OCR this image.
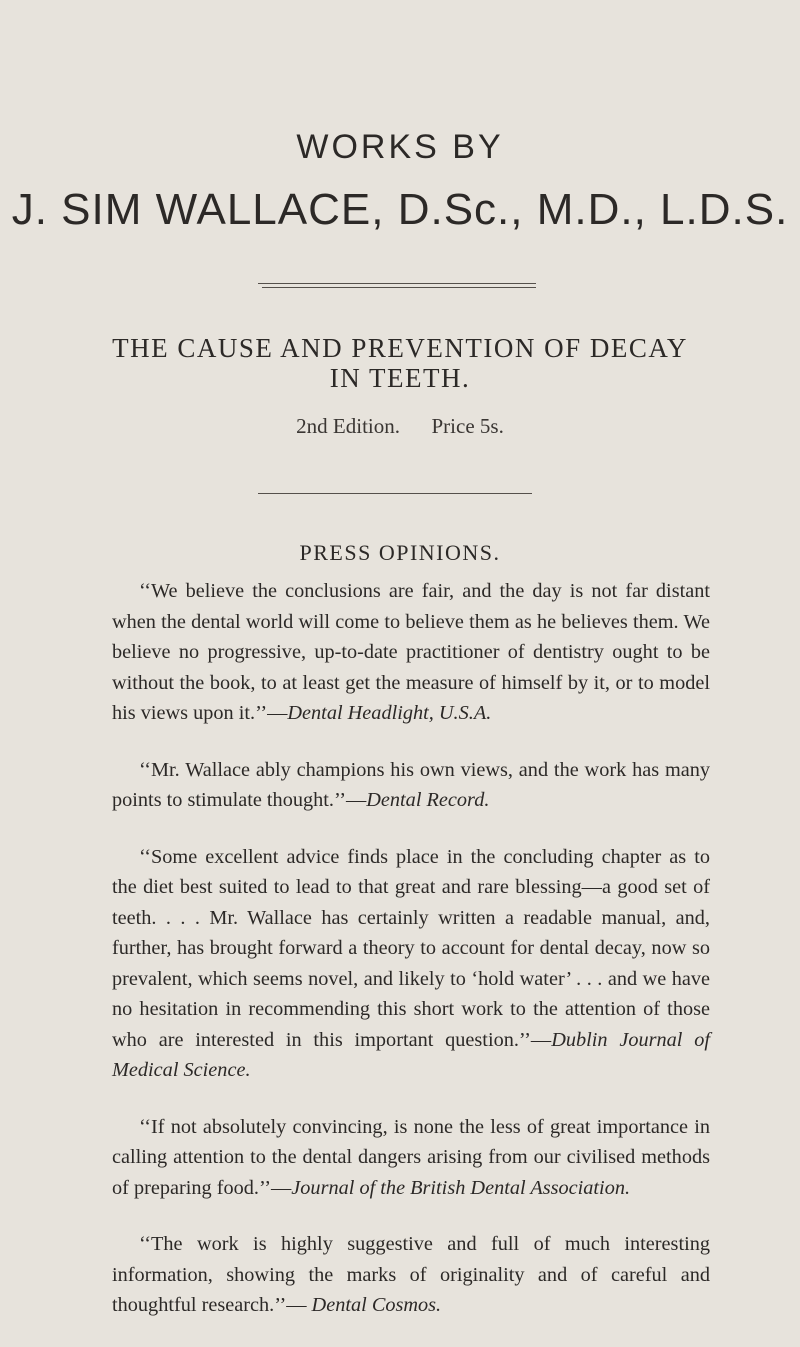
WORKS BY
J. SIM WALLACE, D.Sc., M.D., L.D.S.
THE CAUSE AND PREVENTION OF DECAY
IN TEETH.
2nd Edition. Price 5s.
PRESS OPINIONS.

‘‘We believe the conclusions are fair, and the day is not far distant when the dental world will come to believe them as he believes them. We believe no progressive, up-to-date practitioner of dentistry ought to be without the book, to at least get the measure of himself by it, or to model his views upon it.’’—Dental Headlight, U.S.A.

‘‘Mr. Wallace ably champions his own views, and the work has many points to stimulate thought.’’—Dental Record.

‘‘Some excellent advice finds place in the concluding chapter as to the diet best suited to lead to that great and rare blessing—a good set of teeth. . . . Mr. Wallace has certainly written a readable manual, and, further, has brought forward a theory to account for dental decay, now so prevalent, which seems novel, and likely to ‘hold water’ . . . and we have no hesitation in recommending this short work to the attention of those who are interested in this important question.’’—Dublin Journal of Medical Science.

‘‘If not absolutely convincing, is none the less of great importance in calling attention to the dental dangers arising from our civilised methods of preparing food.’’—Journal of the British Dental Association.

‘‘The work is highly suggestive and full of much interesting information, showing the marks of originality and of careful and thoughtful research.’’— Dental Cosmos.
